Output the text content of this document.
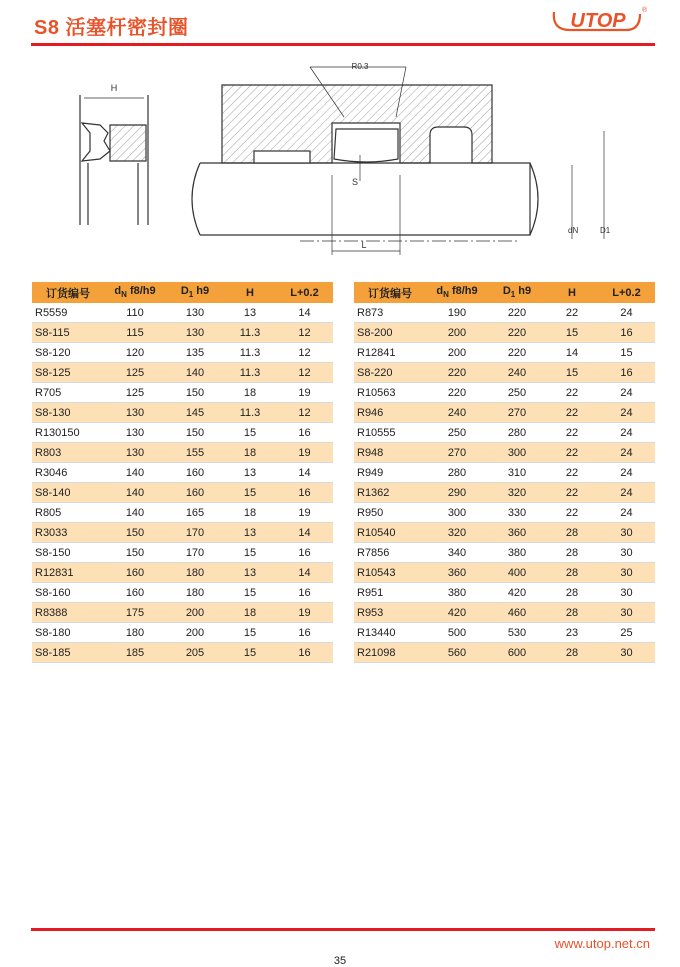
S8 活塞杆密封圈	UTOP ®
H
R0.3
S
L
dN	D1
订货编号	$d_N$ f8/h9	$D_1$ h9	H	L+0.2
R5559	110	130	13	14
S8-115	115	130	11.3	12
S8-120	120	135	11.3	12
S8-125	125	140	11.3	12
R705	125	150	18	19
S8-130	130	145	11.3	12
R130150	130	150	15	16
R803	130	155	18	19
R3046	140	160	13	14
S8-140	140	160	15	16
R805	140	165	18	19
R3033	150	170	13	14
S8-150	150	170	15	16
R12831	160	180	13	14
S8-160	160	180	15	16
R8388	175	200	18	19
S8-180	180	200	15	16
S8-185	185	205	15	16
订货编号	$d_N$ f8/h9	$D_1$ h9	H	L+0.2
R873	190	220	22	24
S8-200	200	220	15	16
R12841	200	220	14	15
S8-220	220	240	15	16
R10563	220	250	22	24
R946	240	270	22	24
R10555	250	280	22	24
R948	270	300	22	24
R949	280	310	22	24
R1362	290	320	22	24
R950	300	330	22	24
R10540	320	360	28	30
R7856	340	380	28	30
R10543	360	400	28	30
R951	380	420	28	30
R953	420	460	28	30
R13440	500	530	23	25
R21098	560	600	28	30
www.utop.net.cn
35
